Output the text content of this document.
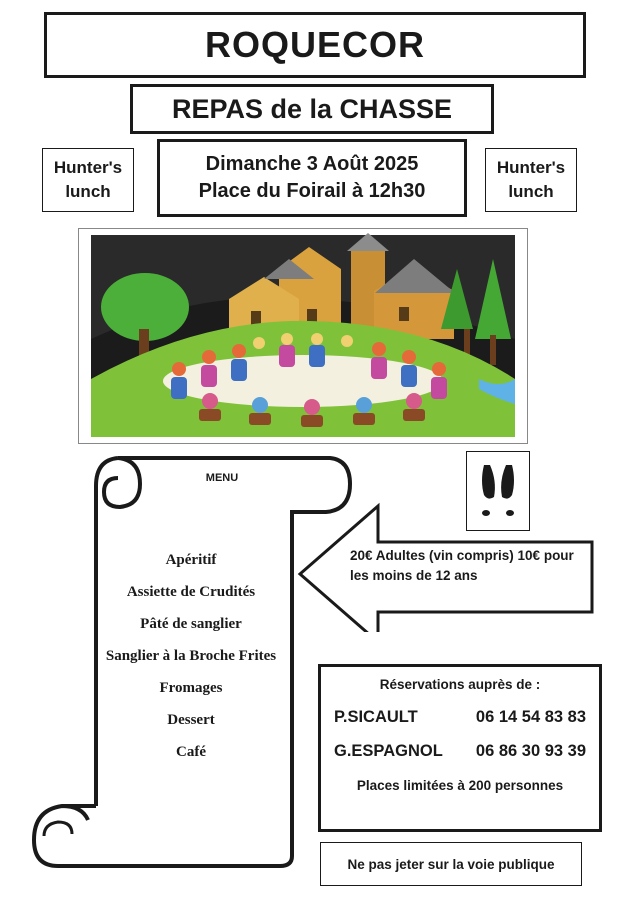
ROQUECOR
REPAS de la CHASSE
Hunter's lunch
Hunter's lunch
Dimanche 3 Août 2025
Place du Foirail à 12h30
MENU
Apéritif
Assiette de Crudités
Pâté de sanglier
Sanglier à la Broche Frites
Fromages
Dessert
Café
20€ Adultes (vin compris) 10€ pour les moins de 12 ans
Réservations auprès de :
P.SICAULT	06 14 54 83 83
G.ESPAGNOL 06 86 30 93 39
Places limitées à 200 personnes
Ne pas jeter sur la voie publique
